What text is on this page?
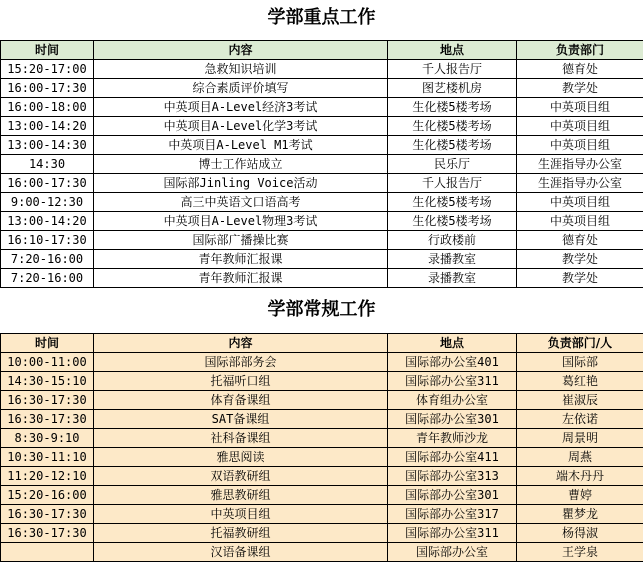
学部重点工作
时间	内容	地点	负责部门
15:20-17:00	急救知识培训	千人报告厅	德育处
16:00-17:30	综合素质评价填写	图艺楼机房	教学处
16:00-18:00	中英项目A-Level经济3考试	生化楼5楼考场	中英项目组
13:00-14:20	中英项目A-Level化学3考试	生化楼5楼考场	中英项目组
13:00-14:30	中英项目A-Level M1考试	生化楼5楼考场	中英项目组
14:30	博士工作站成立	民乐厅	生涯指导办公室
16:00-17:30	国际部Jinling Voice活动	千人报告厅	生涯指导办公室
9:00-12:30	高三中英语文口语高考	生化楼5楼考场	中英项目组
13:00-14:20	中英项目A-Level物理3考试	生化楼5楼考场	中英项目组
16:10-17:30	国际部广播操比赛	行政楼前	德育处
7:20-16:00	青年教师汇报课	录播教室	教学处
7:20-16:00	青年教师汇报课	录播教室	教学处
学部常规工作
时间	内容	地点	负责部门/人
10:00-11:00	国际部部务会	国际部办公室401	国际部
14:30-15:10	托福听口组	国际部办公室311	葛红艳
16:30-17:30	体育备课组	体育组办公室	崔淑辰
16:30-17:30	SAT备课组	国际部办公室301	左依诺
8:30-9:10	社科备课组	青年教师沙龙	周景明
10:30-11:10	雅思阅读	国际部办公室411	周燕
11:20-12:10	双语教研组	国际部办公室313	端木丹丹
15:20-16:00	雅思教研组	国际部办公室301	曹婷
16:30-17:30	中英项目组	国际部办公室317	瞿梦龙
16:30-17:30	托福教研组	国际部办公室311	杨得淑
	汉语备课组	国际部办公室	王学泉
